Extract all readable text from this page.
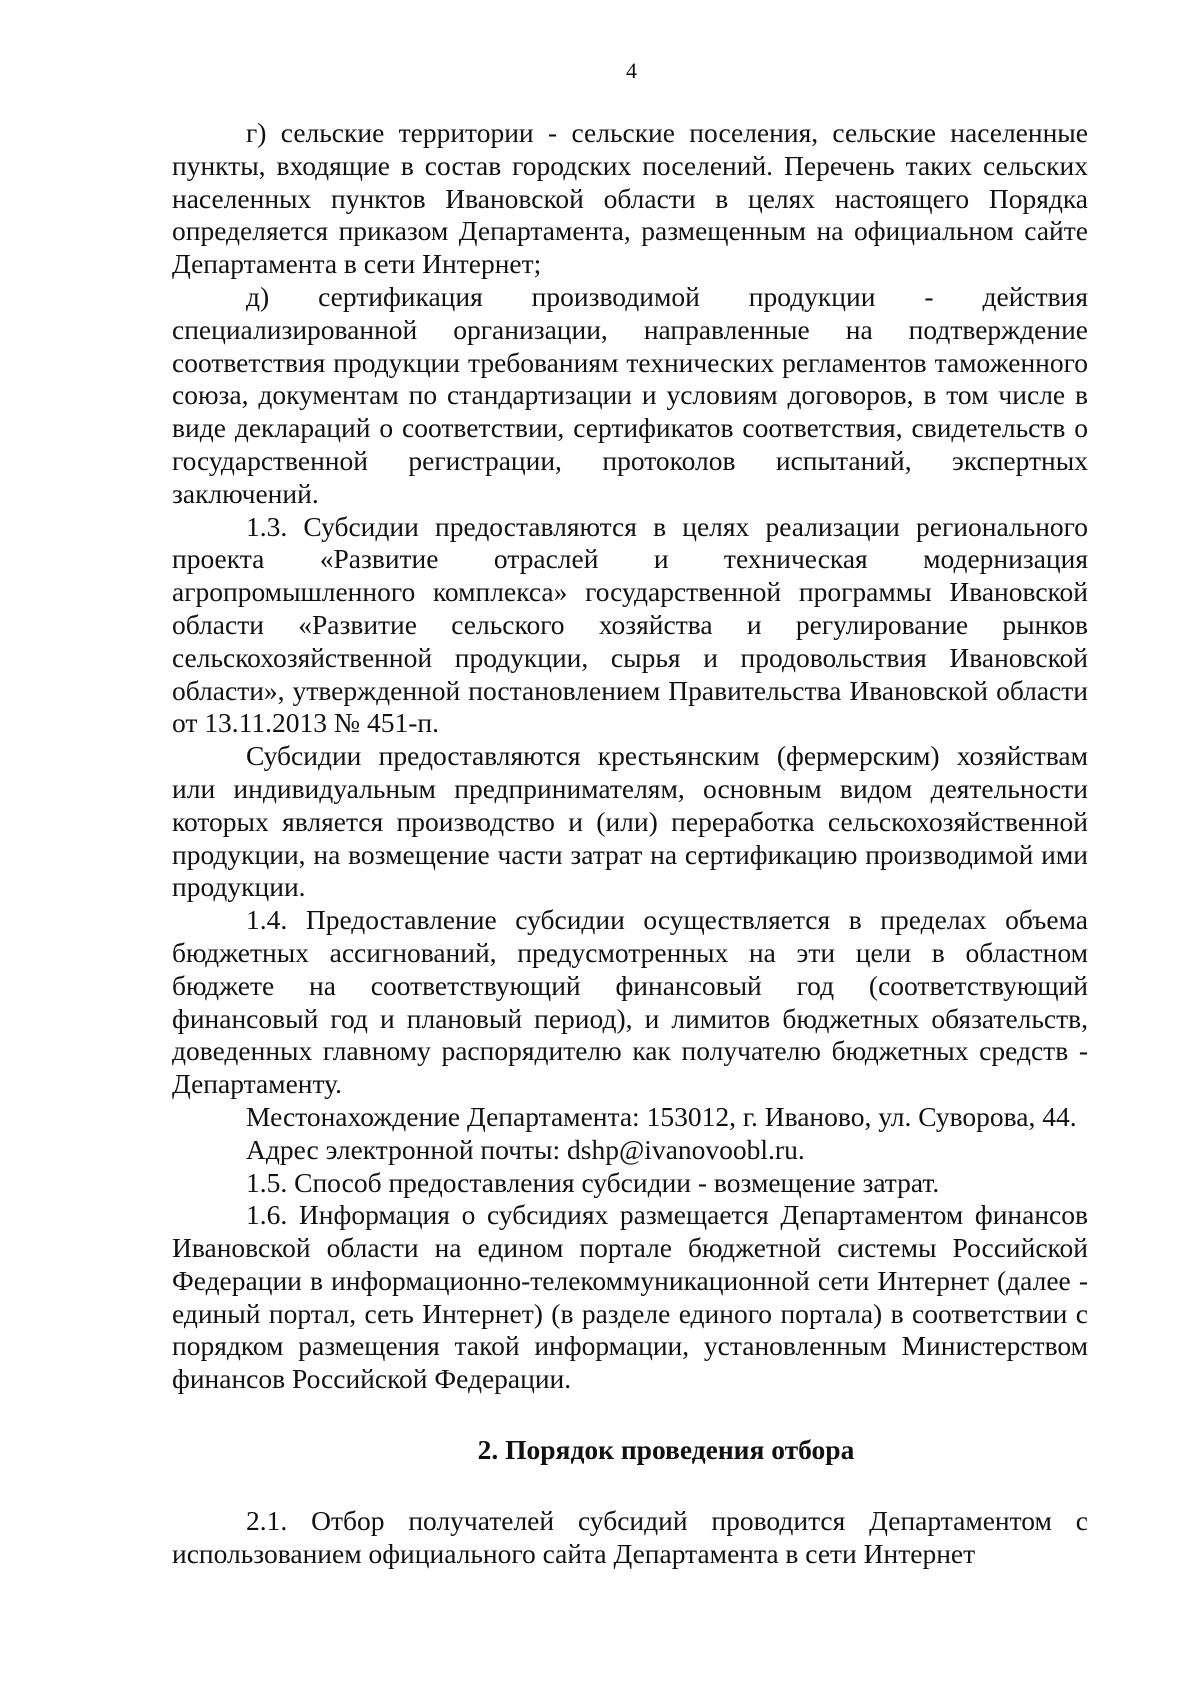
4

г) сельские территории - сельские поселения, сельские населенные пункты, входящие в состав городских поселений. Перечень таких сельских населенных пунктов Ивановской области в целях настоящего Порядка определяется приказом Департамента, размещенным на официальном сайте Департамента в сети Интернет;

д) сертификация производимой продукции - действия специализированной организации, направленные на подтверждение соответствия продукции требованиям технических регламентов таможенного союза, документам по стандартизации и условиям договоров, в том числе в виде деклараций о соответствии, сертификатов соответствия, свидетельств о государственной регистрации, протоколов испытаний, экспертных заключений.

1.3. Субсидии предоставляются в целях реализации регионального проекта «Развитие отраслей и техническая модернизация агропромышленного комплекса» государственной программы Ивановской области «Развитие сельского хозяйства и регулирование рынков сельскохозяйственной продукции, сырья и продовольствия Ивановской области», утвержденной постановлением Правительства Ивановской области от 13.11.2013 № 451-п.

Субсидии предоставляются крестьянским (фермерским) хозяйствам или индивидуальным предпринимателям, основным видом деятельности которых является производство и (или) переработка сельскохозяйственной продукции, на возмещение части затрат на сертификацию производимой ими продукции.

1.4. Предоставление субсидии осуществляется в пределах объема бюджетных ассигнований, предусмотренных на эти цели в областном бюджете на соответствующий финансовый год (соответствующий финансовый год и плановый период), и лимитов бюджетных обязательств, доведенных главному распорядителю как получателю бюджетных средств - Департаменту.

Местонахождение Департамента: 153012, г. Иваново, ул. Суворова, 44.

Адрес электронной почты: dshp@ivanovoobl.ru.

1.5. Способ предоставления субсидии - возмещение затрат.

1.6. Информация о субсидиях размещается Департаментом финансов Ивановской области на едином портале бюджетной системы Российской Федерации в информационно-телекоммуникационной сети Интернет (далее - единый портал, сеть Интернет) (в разделе единого портала) в соответствии с порядком размещения такой информации, установленным Министерством финансов Российской Федерации.

2. Порядок проведения отбора

2.1. Отбор получателей субсидий проводится Департаментом с использованием официального сайта Департамента в сети Интернет
